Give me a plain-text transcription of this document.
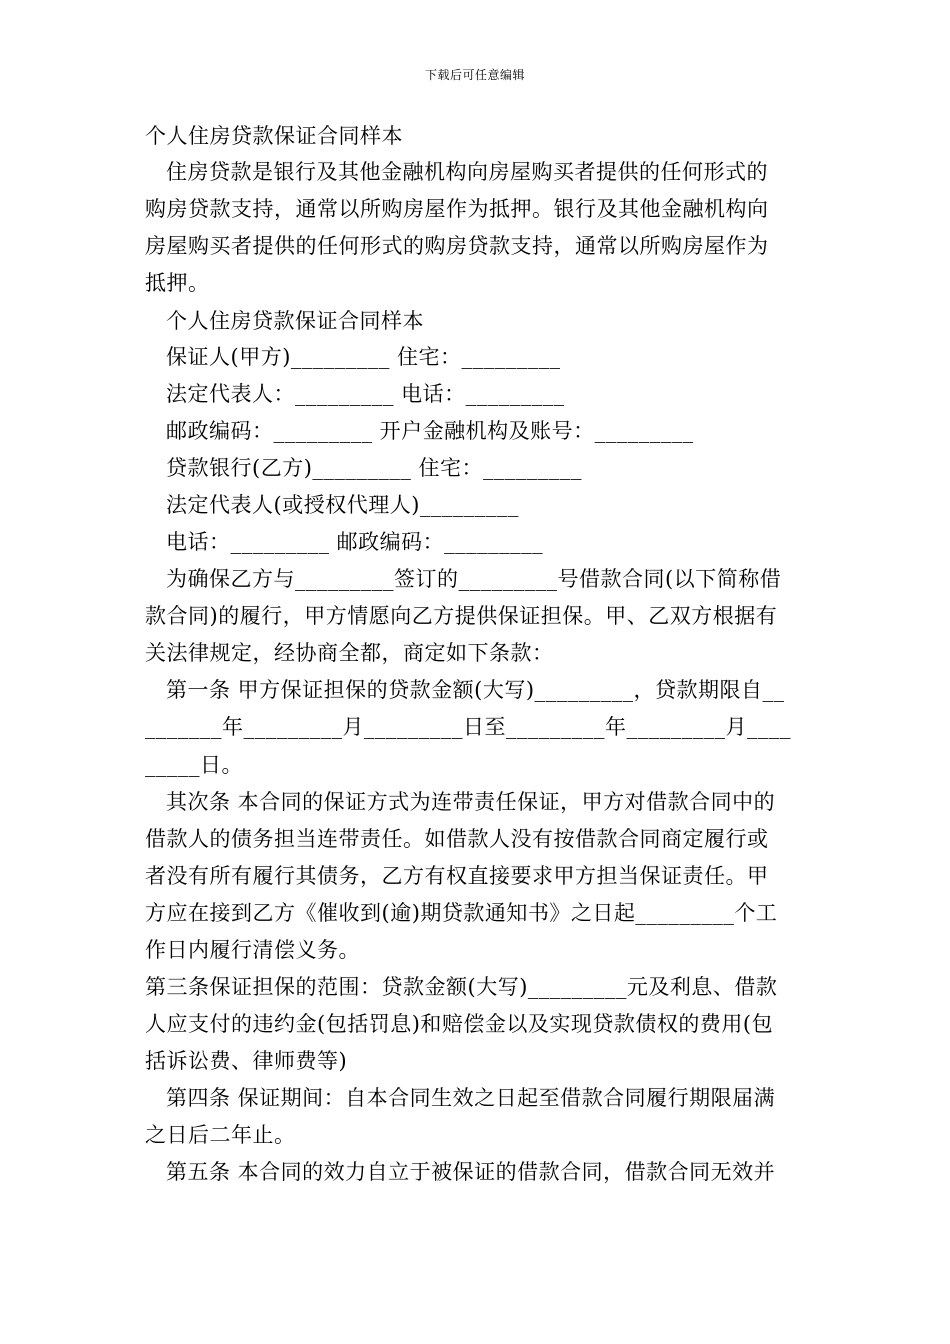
下载后可任意编辑
个人住房贷款保证合同样本
住房贷款是银行及其他金融机构向房屋购买者提供的任何形式的
购房贷款支持，通常以所购房屋作为抵押。银行及其他金融机构向
房屋购买者提供的任何形式的购房贷款支持，通常以所购房屋作为
抵押。
个人住房贷款保证合同样本
保证人(甲方)_________ 住宅：_________
法定代表人：_________ 电话：_________
邮政编码：_________ 开户金融机构及账号：_________
贷款银行(乙方)_________ 住宅：_________
法定代表人(或授权代理人)_________
电话：_________ 邮政编码：_________
为确保乙方与_________签订的_________号借款合同(以下简称借
款合同)的履行，甲方情愿向乙方提供保证担保。甲、乙双方根据有
关法律规定，经协商全都，商定如下条款：
第一条 甲方保证担保的贷款金额(大写)_________，贷款期限自__
_______年_________月_________日至_________年_________月____
_____日。
其次条 本合同的保证方式为连带责任保证，甲方对借款合同中的
借款人的债务担当连带责任。如借款人没有按借款合同商定履行或
者没有所有履行其债务，乙方有权直接要求甲方担当保证责任。甲
方应在接到乙方《催收到(逾)期贷款通知书》之日起_________个工
作日内履行清偿义务。
第三条保证担保的范围：贷款金额(大写)_________元及利息、借款
人应支付的违约金(包括罚息)和赔偿金以及实现贷款债权的费用(包
括诉讼费、律师费等)
第四条 保证期间：自本合同生效之日起至借款合同履行期限届满
之日后二年止。
第五条 本合同的效力自立于被保证的借款合同，借款合同无效并
